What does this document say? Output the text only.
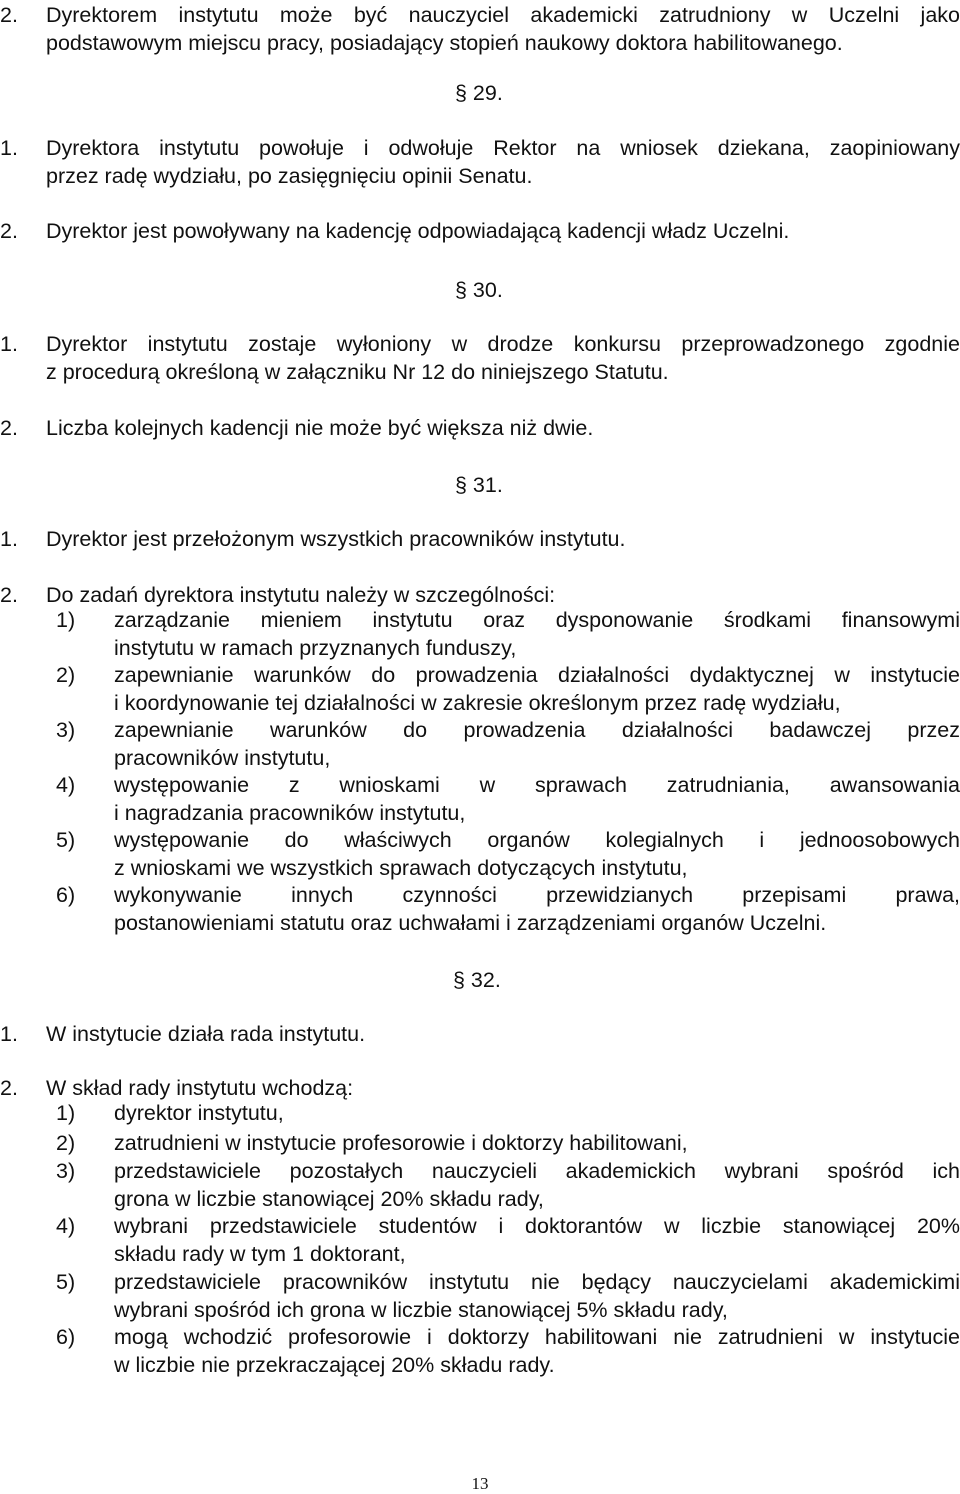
2. Dyrektorem instytutu może być nauczyciel akademicki zatrudniony w Uczelni jako
podstawowym miejscu pracy, posiadający stopień naukowy doktora habilitowanego.
§ 29.
1. Dyrektora instytutu powołuje i odwołuje Rektor na wniosek dziekana, zaopiniowany
przez radę wydziału, po zasięgnięciu opinii Senatu.
2. Dyrektor jest powoływany na kadencję odpowiadającą kadencji władz Uczelni.
§ 30.
1. Dyrektor instytutu zostaje wyłoniony w drodze konkursu przeprowadzonego zgodnie
z procedurą określoną w załączniku Nr 12 do niniejszego Statutu.
2. Liczba kolejnych kadencji nie może być większa niż dwie.
§ 31.
1. Dyrektor jest przełożonym wszystkich pracowników instytutu.
2. Do zadań dyrektora instytutu należy w szczególności:
1) zarządzanie mieniem instytutu oraz dysponowanie środkami finansowymi
instytutu w ramach przyznanych funduszy,
2) zapewnianie warunków do prowadzenia działalności dydaktycznej w instytucie
i koordynowanie tej działalności w zakresie określonym przez radę wydziału,
3) zapewnianie warunków do prowadzenia działalności badawczej przez
pracowników instytutu,
4) występowanie z wnioskami w sprawach zatrudniania, awansowania
i nagradzania pracowników instytutu,
5) występowanie do właściwych organów kolegialnych i jednoosobowych
z wnioskami we wszystkich sprawach dotyczących instytutu,
6) wykonywanie innych czynności przewidzianych przepisami prawa,
postanowieniami statutu oraz uchwałami i zarządzeniami organów Uczelni.
§ 32.
1. W instytucie działa rada instytutu.
2. W skład rady instytutu wchodzą:
1) dyrektor instytutu,
2) zatrudnieni w instytucie profesorowie i doktorzy habilitowani,
3) przedstawiciele pozostałych nauczycieli akademickich wybrani spośród ich
grona w liczbie stanowiącej 20% składu rady,
4) wybrani przedstawiciele studentów i doktorantów w liczbie stanowiącej 20%
składu rady w tym 1 doktorant,
5) przedstawiciele pracowników instytutu nie będący nauczycielami akademickimi
wybrani spośród ich grona w liczbie stanowiącej 5% składu rady,
6) mogą wchodzić profesorowie i doktorzy habilitowani nie zatrudnieni w instytucie
w liczbie nie przekraczającej 20% składu rady.
13
